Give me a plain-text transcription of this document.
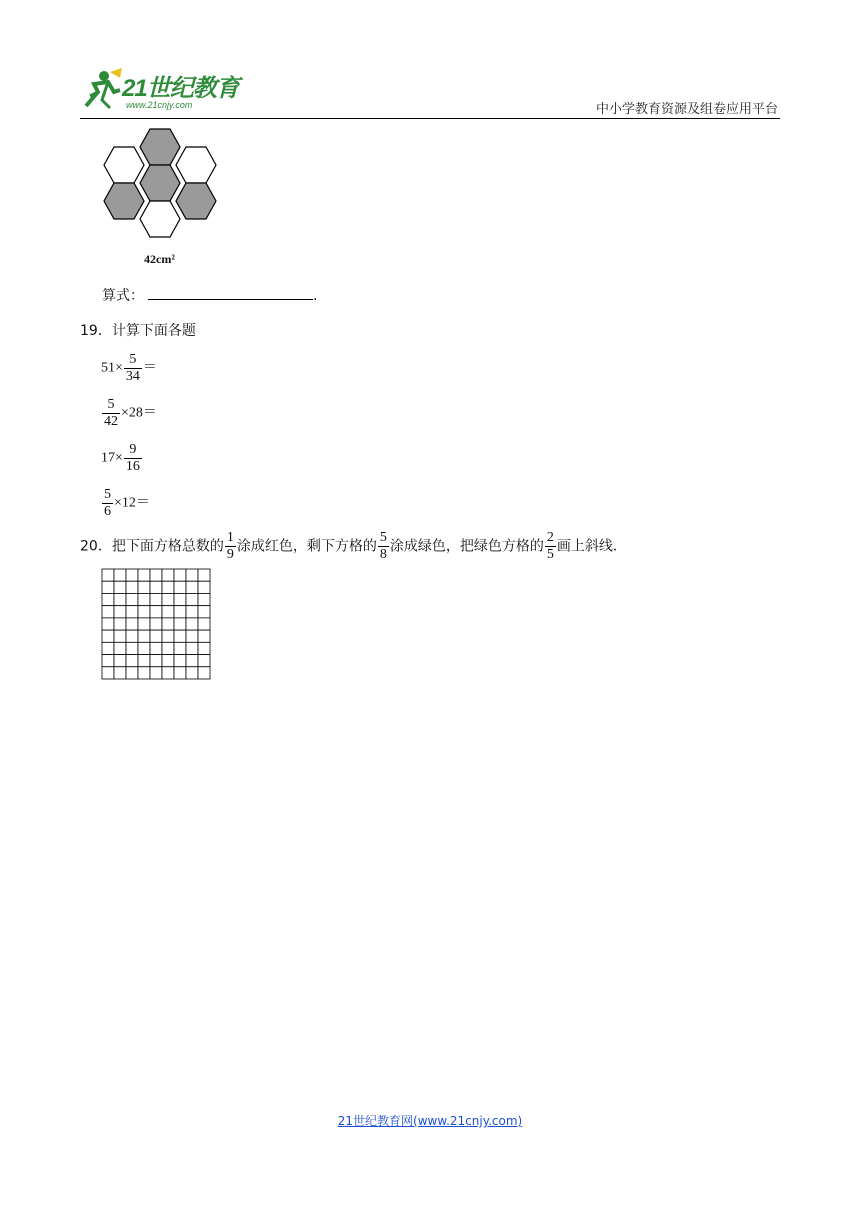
21世纪教育
www.21cnjy.com	中小学教育资源及组卷应用平台
42cm²
算式：	.
19．计算下面各题
$51\times \frac{5}{34}$ ＝
$\frac{5}{42} \times 28=$
$17\times \frac{9}{16}$
$\frac{5}{6} \times 12=$
20．把下面方格总数的 $\frac{1}{9}$ 涂成红色，剩下方格的 $\frac{5}{8}$ 涂成绿色，把绿色方格的 $\frac{2}{5}$ 画上斜线．
21世纪教育网(www.21cnjy.com)
